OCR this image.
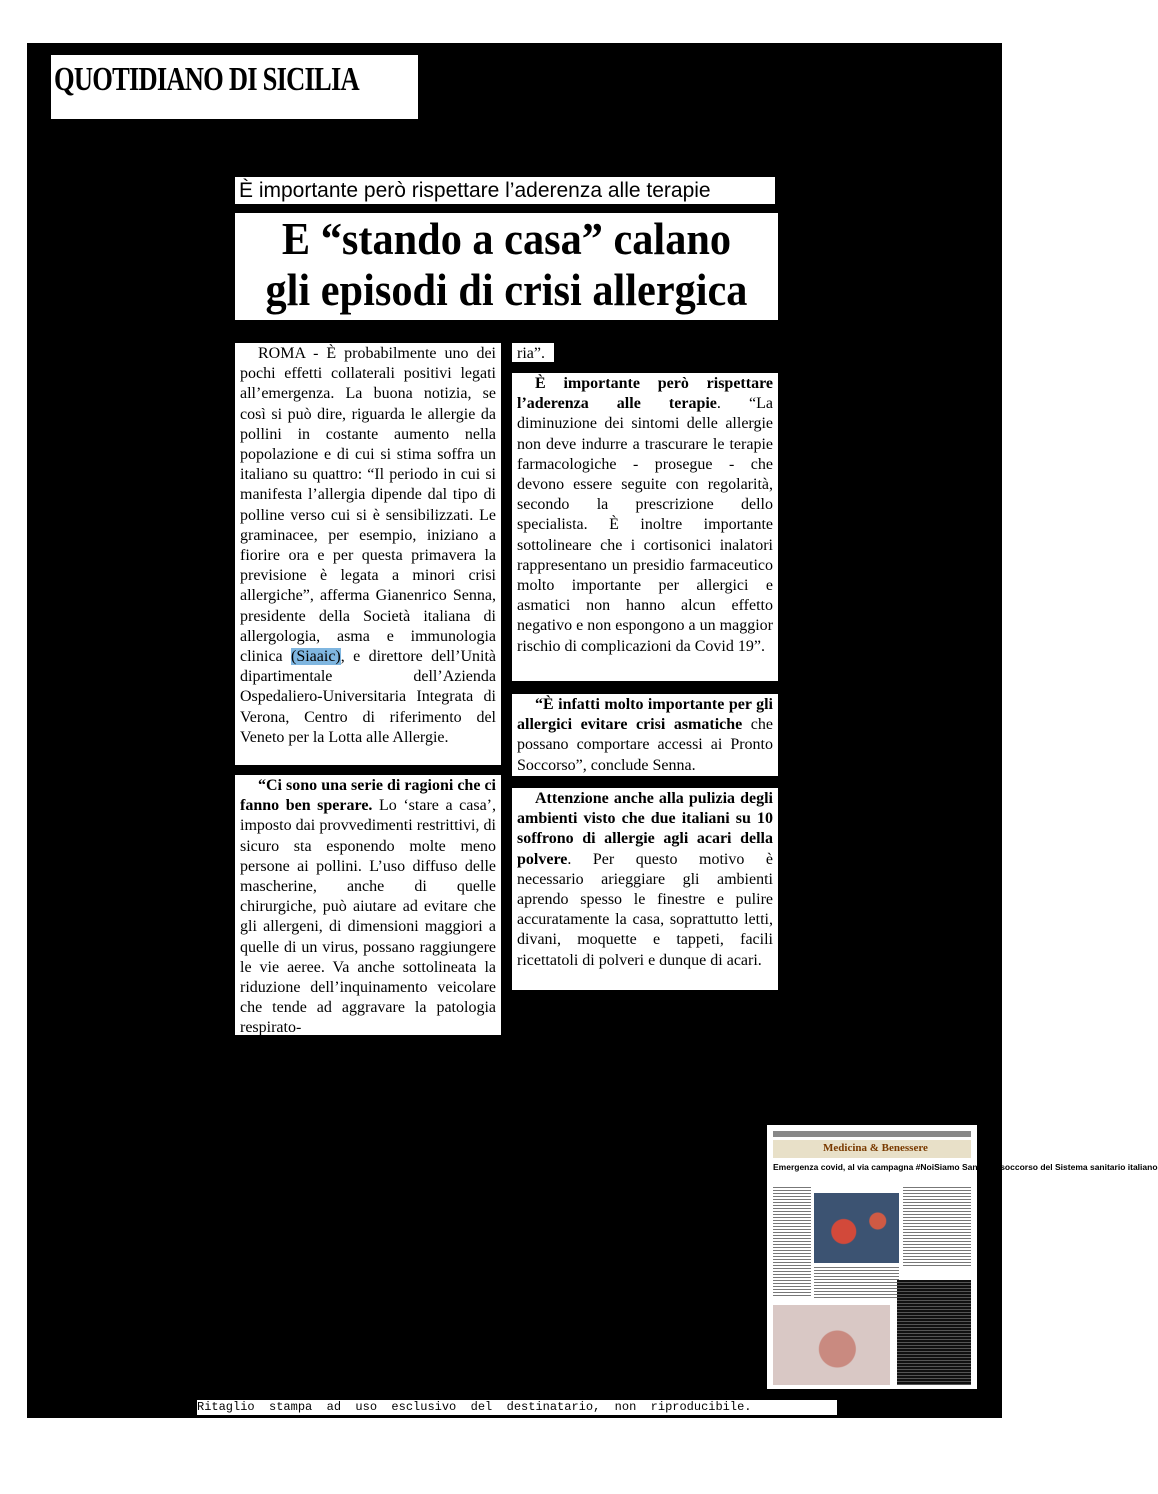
QUOTIDIANO DI SICILIA
È importante però rispettare l’aderenza alle terapie
E “stando a casa” calano
gli episodi di crisi allergica
ROMA - È probabilmente uno dei pochi effetti collaterali positivi legati all’emergenza. La buona notizia, se così si può dire, riguarda le allergie da pollini in costante aumento nella popolazione e di cui si stima soffra un italiano su quattro: “Il periodo in cui si manifesta l’allergia dipende dal tipo di polline verso cui si è sensibilizzati. Le graminacee, per esempio, iniziano a fiorire ora e per questa primavera la previsione è legata a minori crisi allergiche”, afferma Gianenrico Senna, presidente della Società italiana di allergologia, asma e immunologia clinica (Siaaic), e direttore dell’Unità dipartimentale dell’Azienda Ospedaliero-Universitaria Integrata di Verona, Centro di riferimento del Veneto per la Lotta alle Allergie.
“Ci sono una serie di ragioni che ci fanno ben sperare. Lo ‘stare a casa’, imposto dai provvedimenti restrittivi, di sicuro sta esponendo molte meno persone ai pollini. L’uso diffuso delle mascherine, anche di quelle chirurgiche, può aiutare ad evitare che gli allergeni, di dimensioni maggiori a quelle di un virus, possano raggiungere le vie aeree. Va anche sottolineata la riduzione dell’inquinamento veicolare che tende ad aggravare la patologia respirato-
ria”.
È importante però rispettare l’aderenza alle terapie. “La diminuzione dei sintomi delle allergie non deve indurre a trascurare le terapie farmacologiche - prosegue - che devono essere seguite con regolarità, secondo la prescrizione dello specialista. È inoltre importante sottolineare che i cortisonici inalatori rappresentano un presidio farmaceutico molto importante per allergici e asmatici non hanno alcun effetto negativo e non espongono a un maggior rischio di complicazioni da Covid 19”.
“È infatti molto importante per gli allergici evitare crisi asmatiche che possano comportare accessi ai Pronto Soccorso”, conclude Senna.
Attenzione anche alla pulizia degli ambienti visto che due italiani su 10 soffrono di allergie agli acari della polvere. Per questo motivo è necessario arieggiare gli ambienti aprendo spesso le finestre e pulire accuratamente la casa, soprattutto letti, divani, moquette e tappeti, facili ricettatoli di polveri e dunque di acari.
Medicina & Benessere
Emergenza covid, al via campagna #NoiSiamo Sanofi in soccorso del Sistema sanitario italiano
Ritaglio  stampa  ad  uso  esclusivo  del  destinatario,  non  riproducibile.
